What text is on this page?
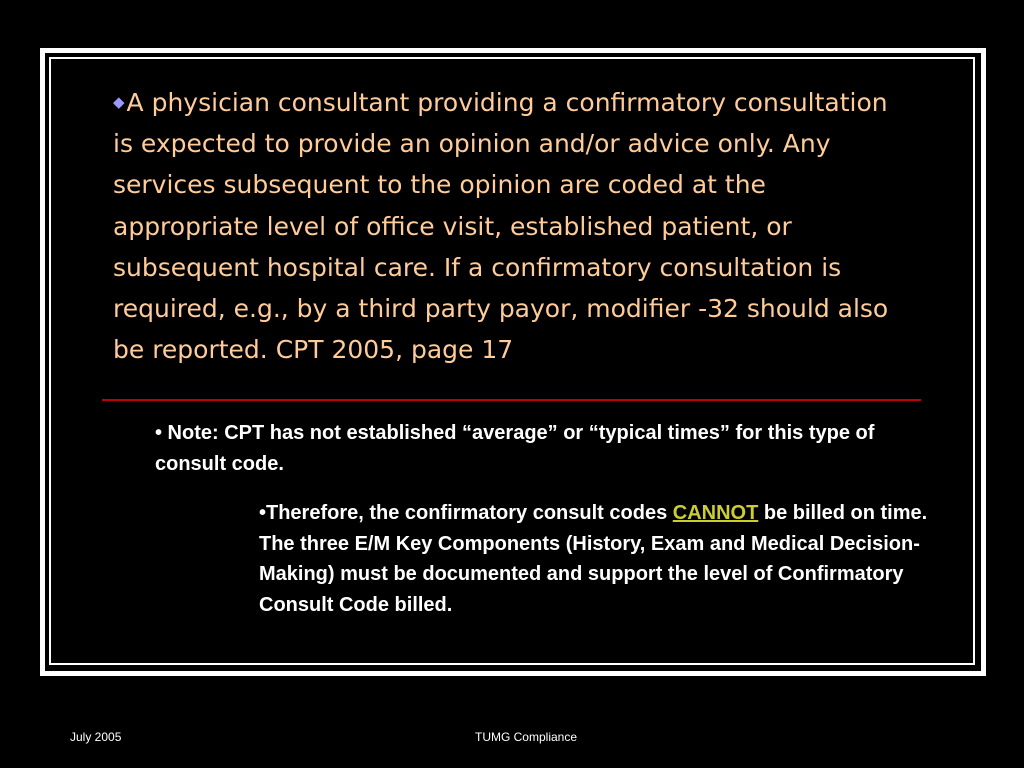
◆A physician consultant providing a confirmatory consultation is expected to provide an opinion and/or advice only. Any services subsequent to the opinion are coded at the appropriate level of office visit, established patient, or subsequent hospital care. If a confirmatory consultation is required, e.g., by a third party payor, modifier -32 should also be reported. CPT 2005, page 17

• Note: CPT has not established “average” or “typical times” for this type of consult code.

•Therefore, the confirmatory consult codes CANNOT be billed on time. The three E/M Key Components (History, Exam and Medical Decision-Making) must be documented and support the level of Confirmatory Consult Code billed.

July 2005	TUMG Compliance
